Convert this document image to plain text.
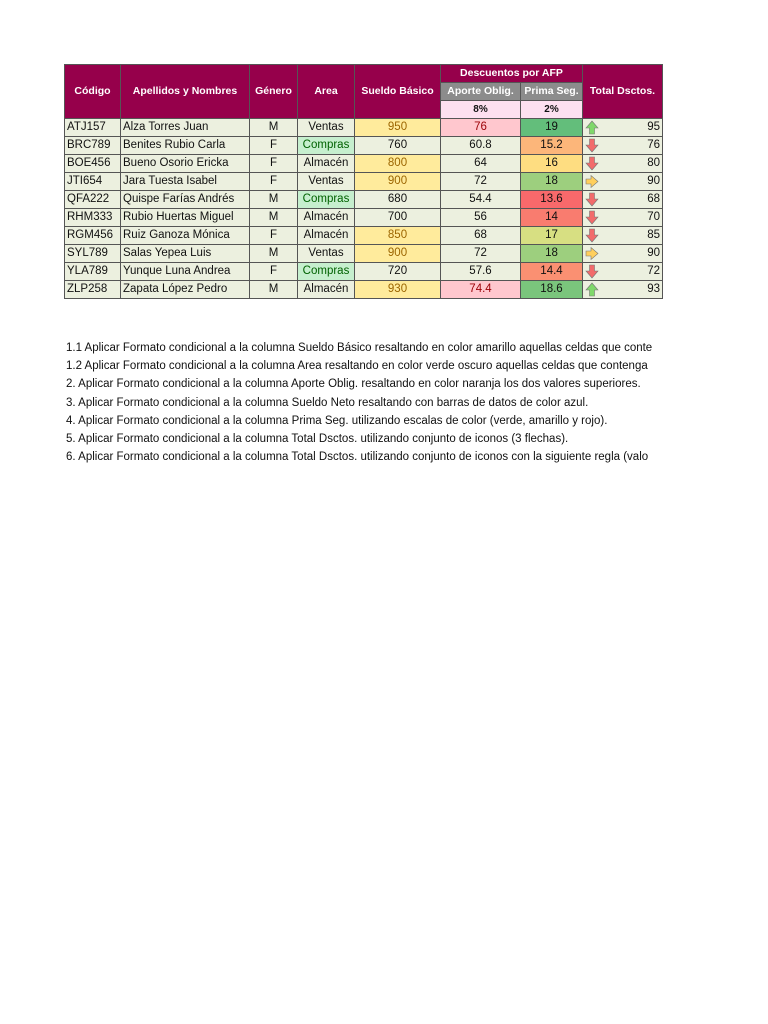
Código	Apellidos y Nombres	Género	Area	Sueldo Básico	Descuentos por AFP		Total Dsctos.
					Aporte Oblig.	Prima Seg.	
					8%	2%	
ATJ157	Alza Torres Juan	M	Ventas	950	76	19	95
BRC789	Benites Rubio Carla	F	Compras	760	60.8	15.2	76
BOE456	Bueno Osorio Ericka	F	Almacén	800	64	16	80
JTI654	Jara Tuesta Isabel	F	Ventas	900	72	18	90
QFA222	Quispe Farías Andrés	M	Compras	680	54.4	13.6	68
RHM333	Rubio Huertas Miguel	M	Almacén	700	56	14	70
RGM456	Ruiz Ganoza Mónica	F	Almacén	850	68	17	85
SYL789	Salas Yepea Luis	M	Ventas	900	72	18	90
YLA789	Yunque Luna Andrea	F	Compras	720	57.6	14.4	72
ZLP258	Zapata López Pedro	M	Almacén	930	74.4	18.6	93
1.1 Aplicar Formato condicional a la columna Sueldo Básico resaltando en color amarillo aquellas celdas que conte
1.2 Aplicar Formato condicional a la columna Area resaltando en color verde oscuro aquellas celdas que contenga
2. Aplicar Formato condicional a la columna Aporte Oblig. resaltando en color naranja los dos valores superiores.
3. Aplicar Formato condicional a la columna Sueldo Neto resaltando con barras de datos de color azul.
4. Aplicar Formato condicional a la columna Prima Seg. utilizando escalas de color (verde, amarillo y rojo).
5. Aplicar Formato condicional a la columna Total Dsctos. utilizando conjunto de iconos (3 flechas).
6. Aplicar Formato condicional a la columna Total Dsctos. utilizando conjunto de iconos con la siguiente regla (valo
